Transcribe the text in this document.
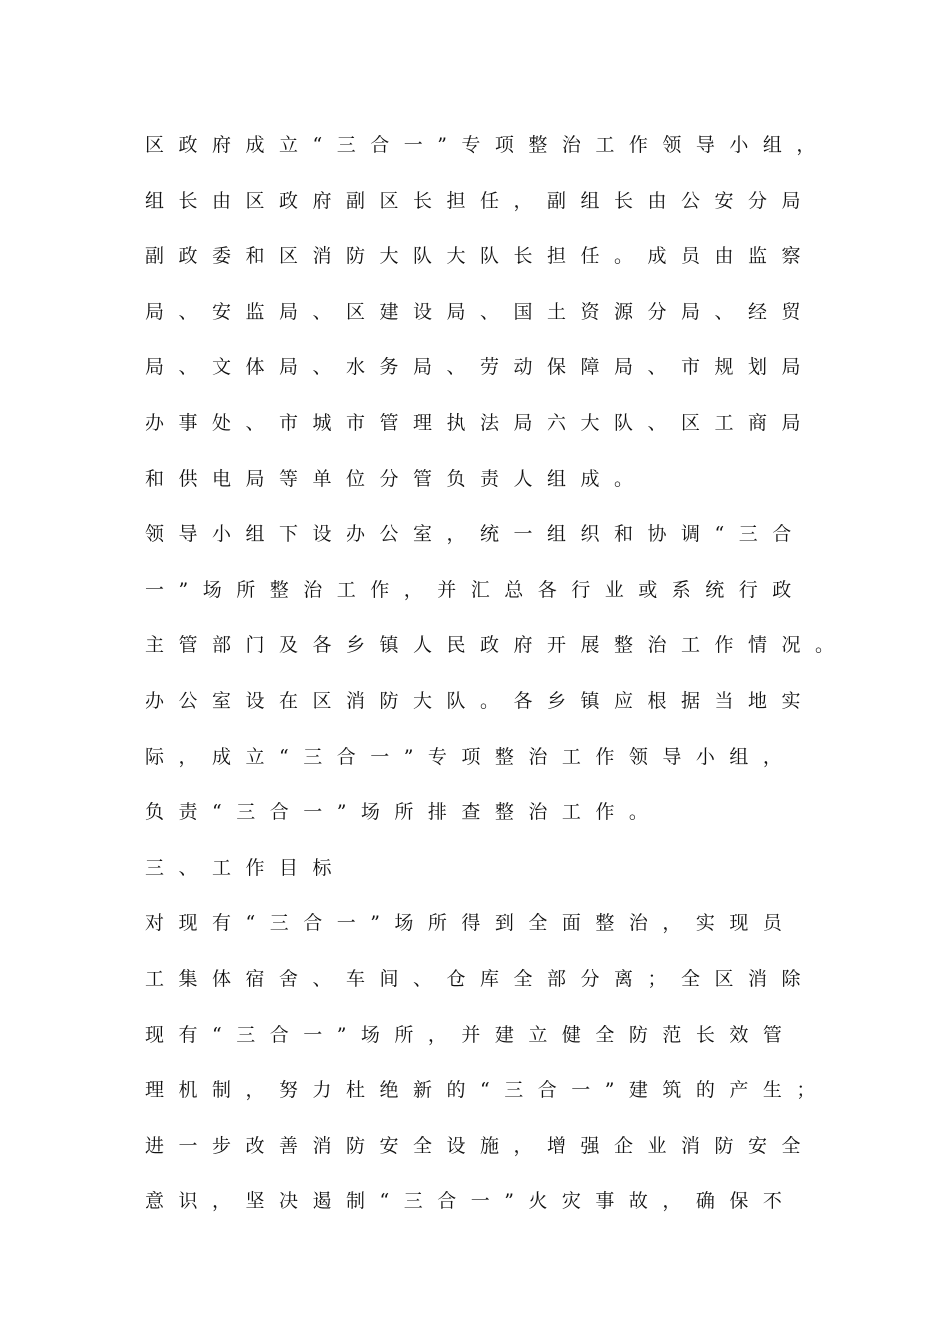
区政府成立“三合一”专项整治工作领导小组，
组长由区政府副区长担任，副组长由公安分局
副政委和区消防大队大队长担任。成员由监察
局、安监局、区建设局、国土资源分局、经贸
局、文体局、水务局、劳动保障局、市规划局
办事处、市城市管理执法局六大队、区工商局
和供电局等单位分管负责人组成。
领导小组下设办公室，统一组织和协调“三合
一”场所整治工作，并汇总各行业或系统行政
主管部门及各乡镇人民政府开展整治工作情况。
办公室设在区消防大队。各乡镇应根据当地实
际，成立“三合一”专项整治工作领导小组，
负责“三合一”场所排查整治工作。
三、工作目标
对现有“三合一”场所得到全面整治，实现员
工集体宿舍、车间、仓库全部分离；全区消除
现有“三合一”场所，并建立健全防范长效管
理机制，努力杜绝新的“三合一”建筑的产生；
进一步改善消防安全设施，增强企业消防安全
意识，坚决遏制“三合一”火灾事故，确保不
